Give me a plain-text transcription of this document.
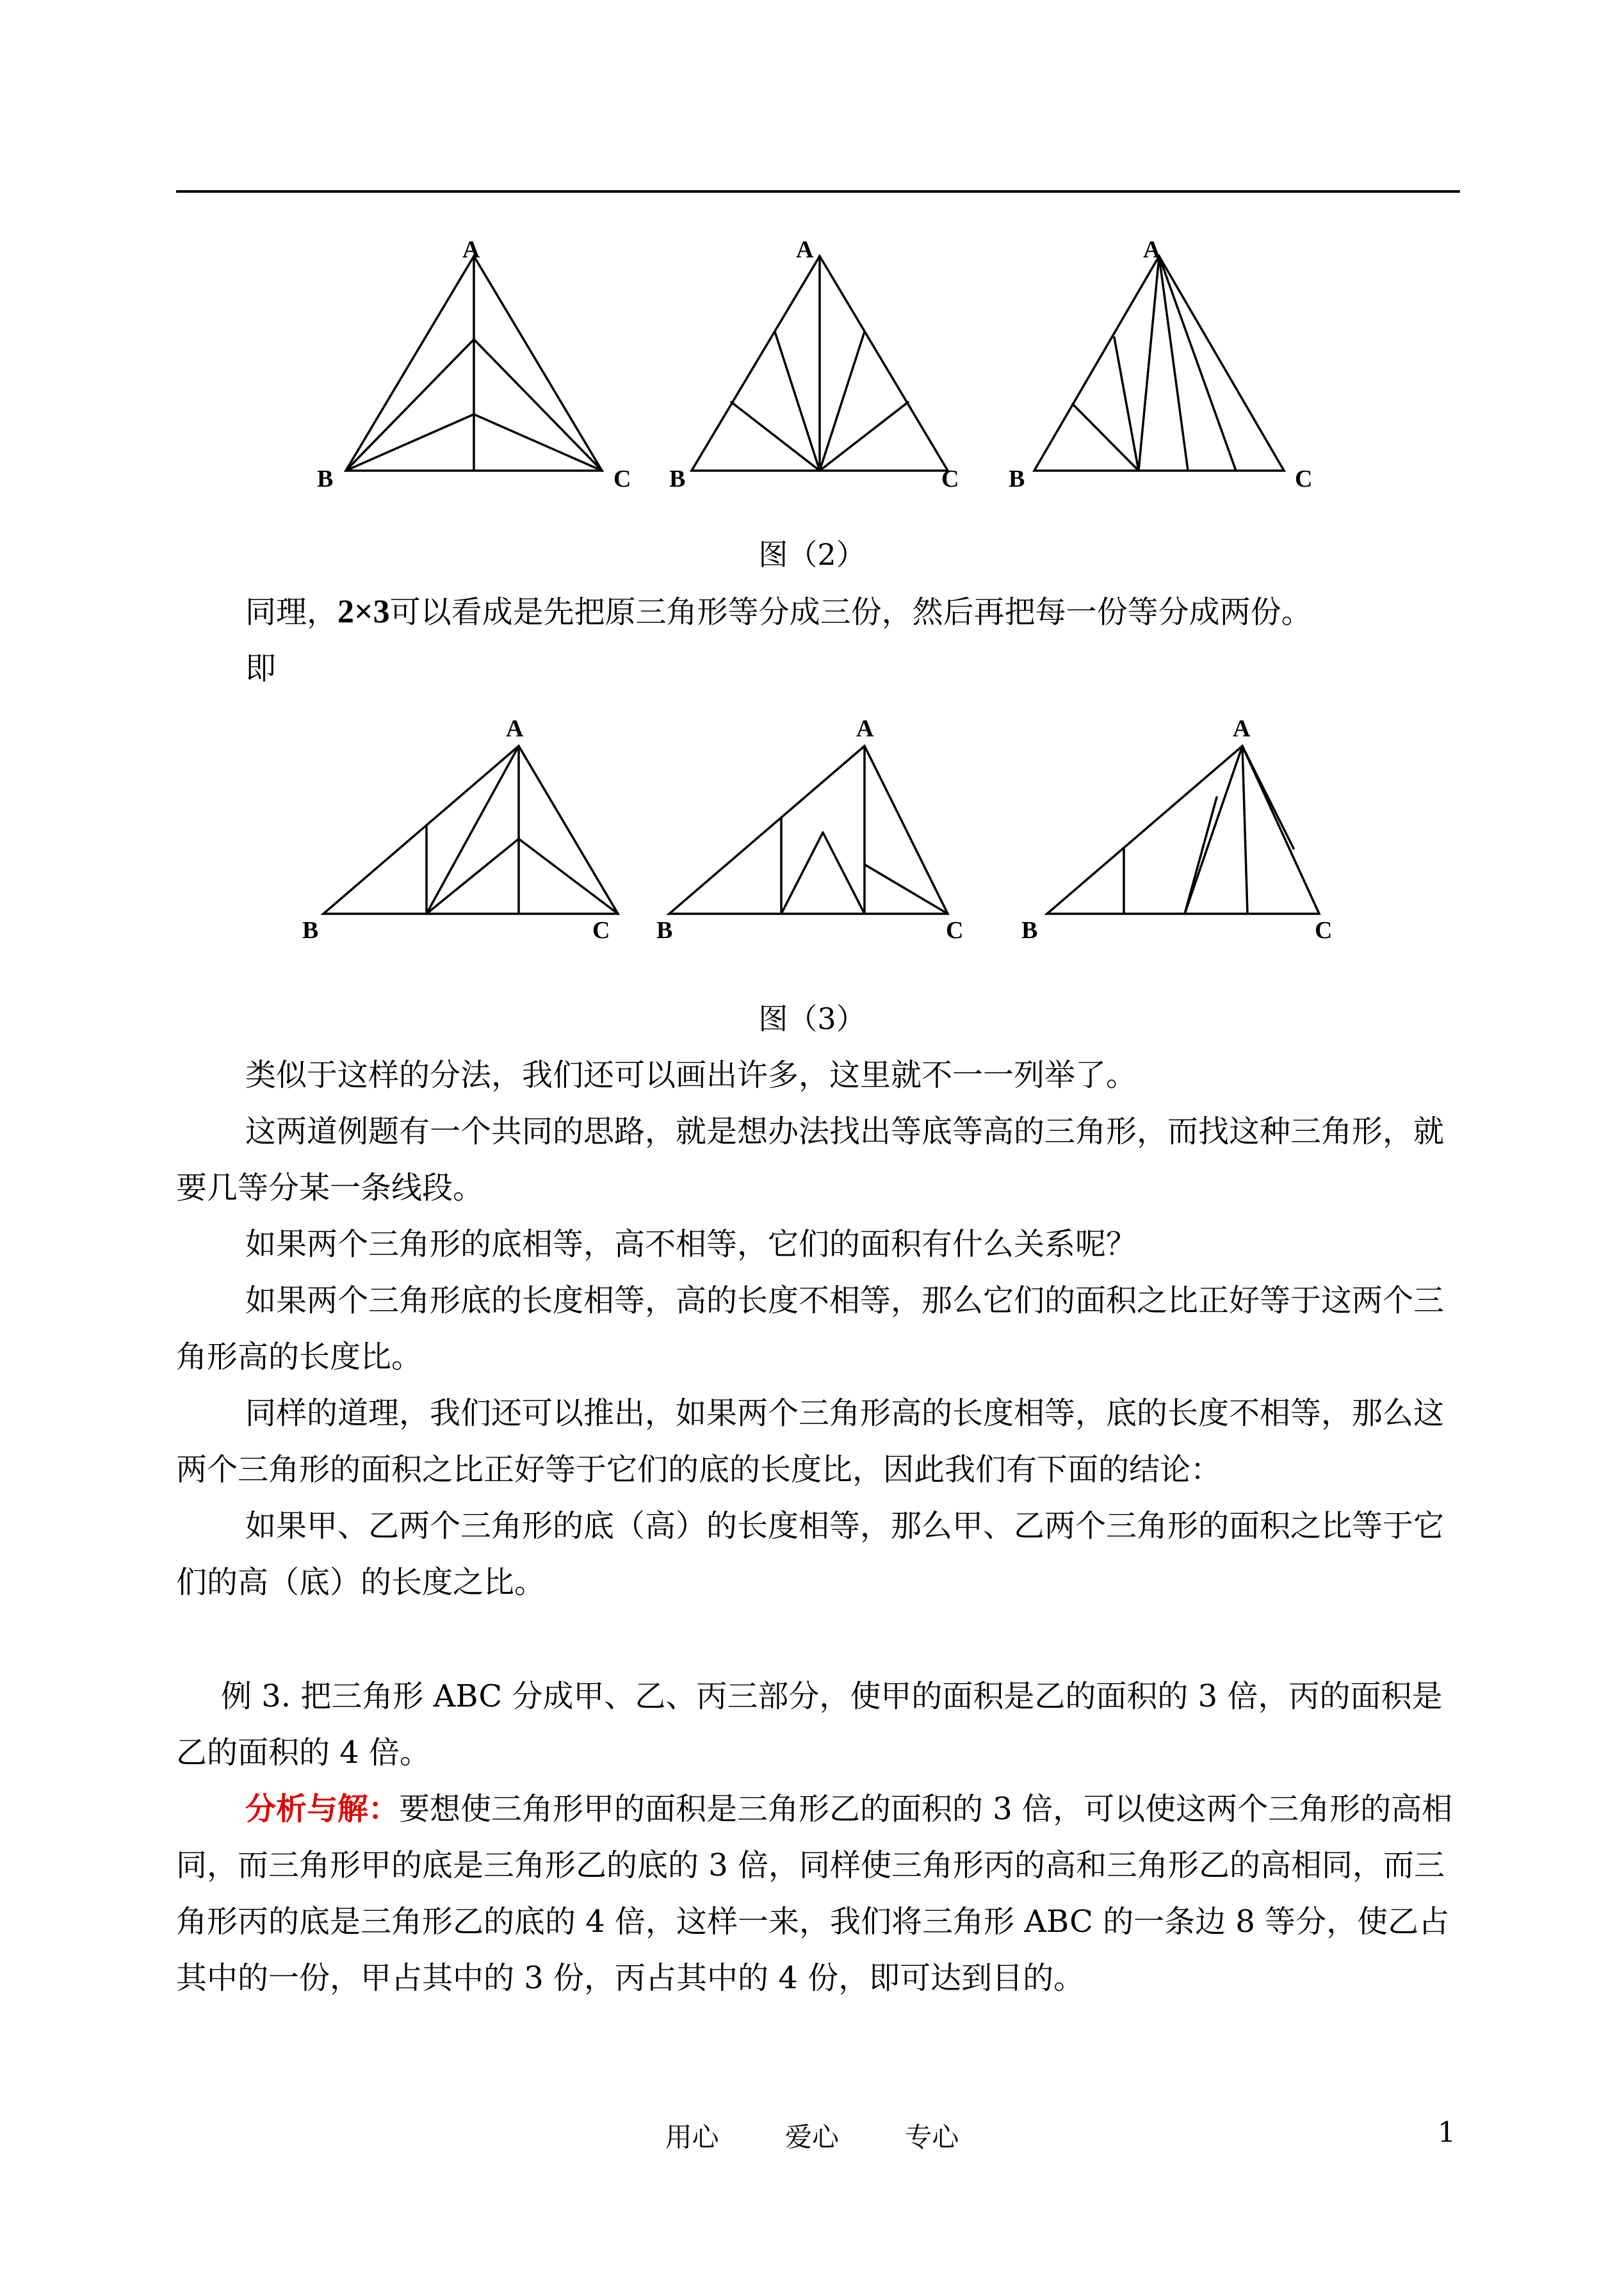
A
B	C
A
B	C
A
B	C
图（2）
同理，2×3可以看成是先把原三角形等分成三份，然后再把每一份等分成两份。
即
A
B	C
A
B	C
A
B	C
图（3）
类似于这样的分法，我们还可以画出许多，这里就不一一列举了。
这两道例题有一个共同的思路，就是想办法找出等底等高的三角形，而找这种三角形，就要几等分某一条线段。
如果两个三角形的底相等，高不相等，它们的面积有什么关系呢？
如果两个三角形底的长度相等，高的长度不相等，那么它们的面积之比正好等于这两个三角形高的长度比。
同样的道理，我们还可以推出，如果两个三角形高的长度相等，底的长度不相等，那么这两个三角形的面积之比正好等于它们的底的长度比，因此我们有下面的结论：
如果甲、乙两个三角形的底（高）的长度相等，那么甲、乙两个三角形的面积之比等于它们的高（底）的长度之比。
例 3. 把三角形 ABC 分成甲、乙、丙三部分，使甲的面积是乙的面积的 3 倍，丙的面积是乙的面积的 4 倍。
分析与解：要想使三角形甲的面积是三角形乙的面积的 3 倍，可以使这两个三角形的高相同，而三角形甲的底是三角形乙的底的 3 倍，同样使三角形丙的高和三角形乙的高相同，而三角形丙的底是三角形乙的底的 4 倍，这样一来，我们将三角形 ABC 的一条边 8 等分，使乙占其中的一份，甲占其中的 3 份，丙占其中的 4 份，即可达到目的。
用心 爱心 专心	1
